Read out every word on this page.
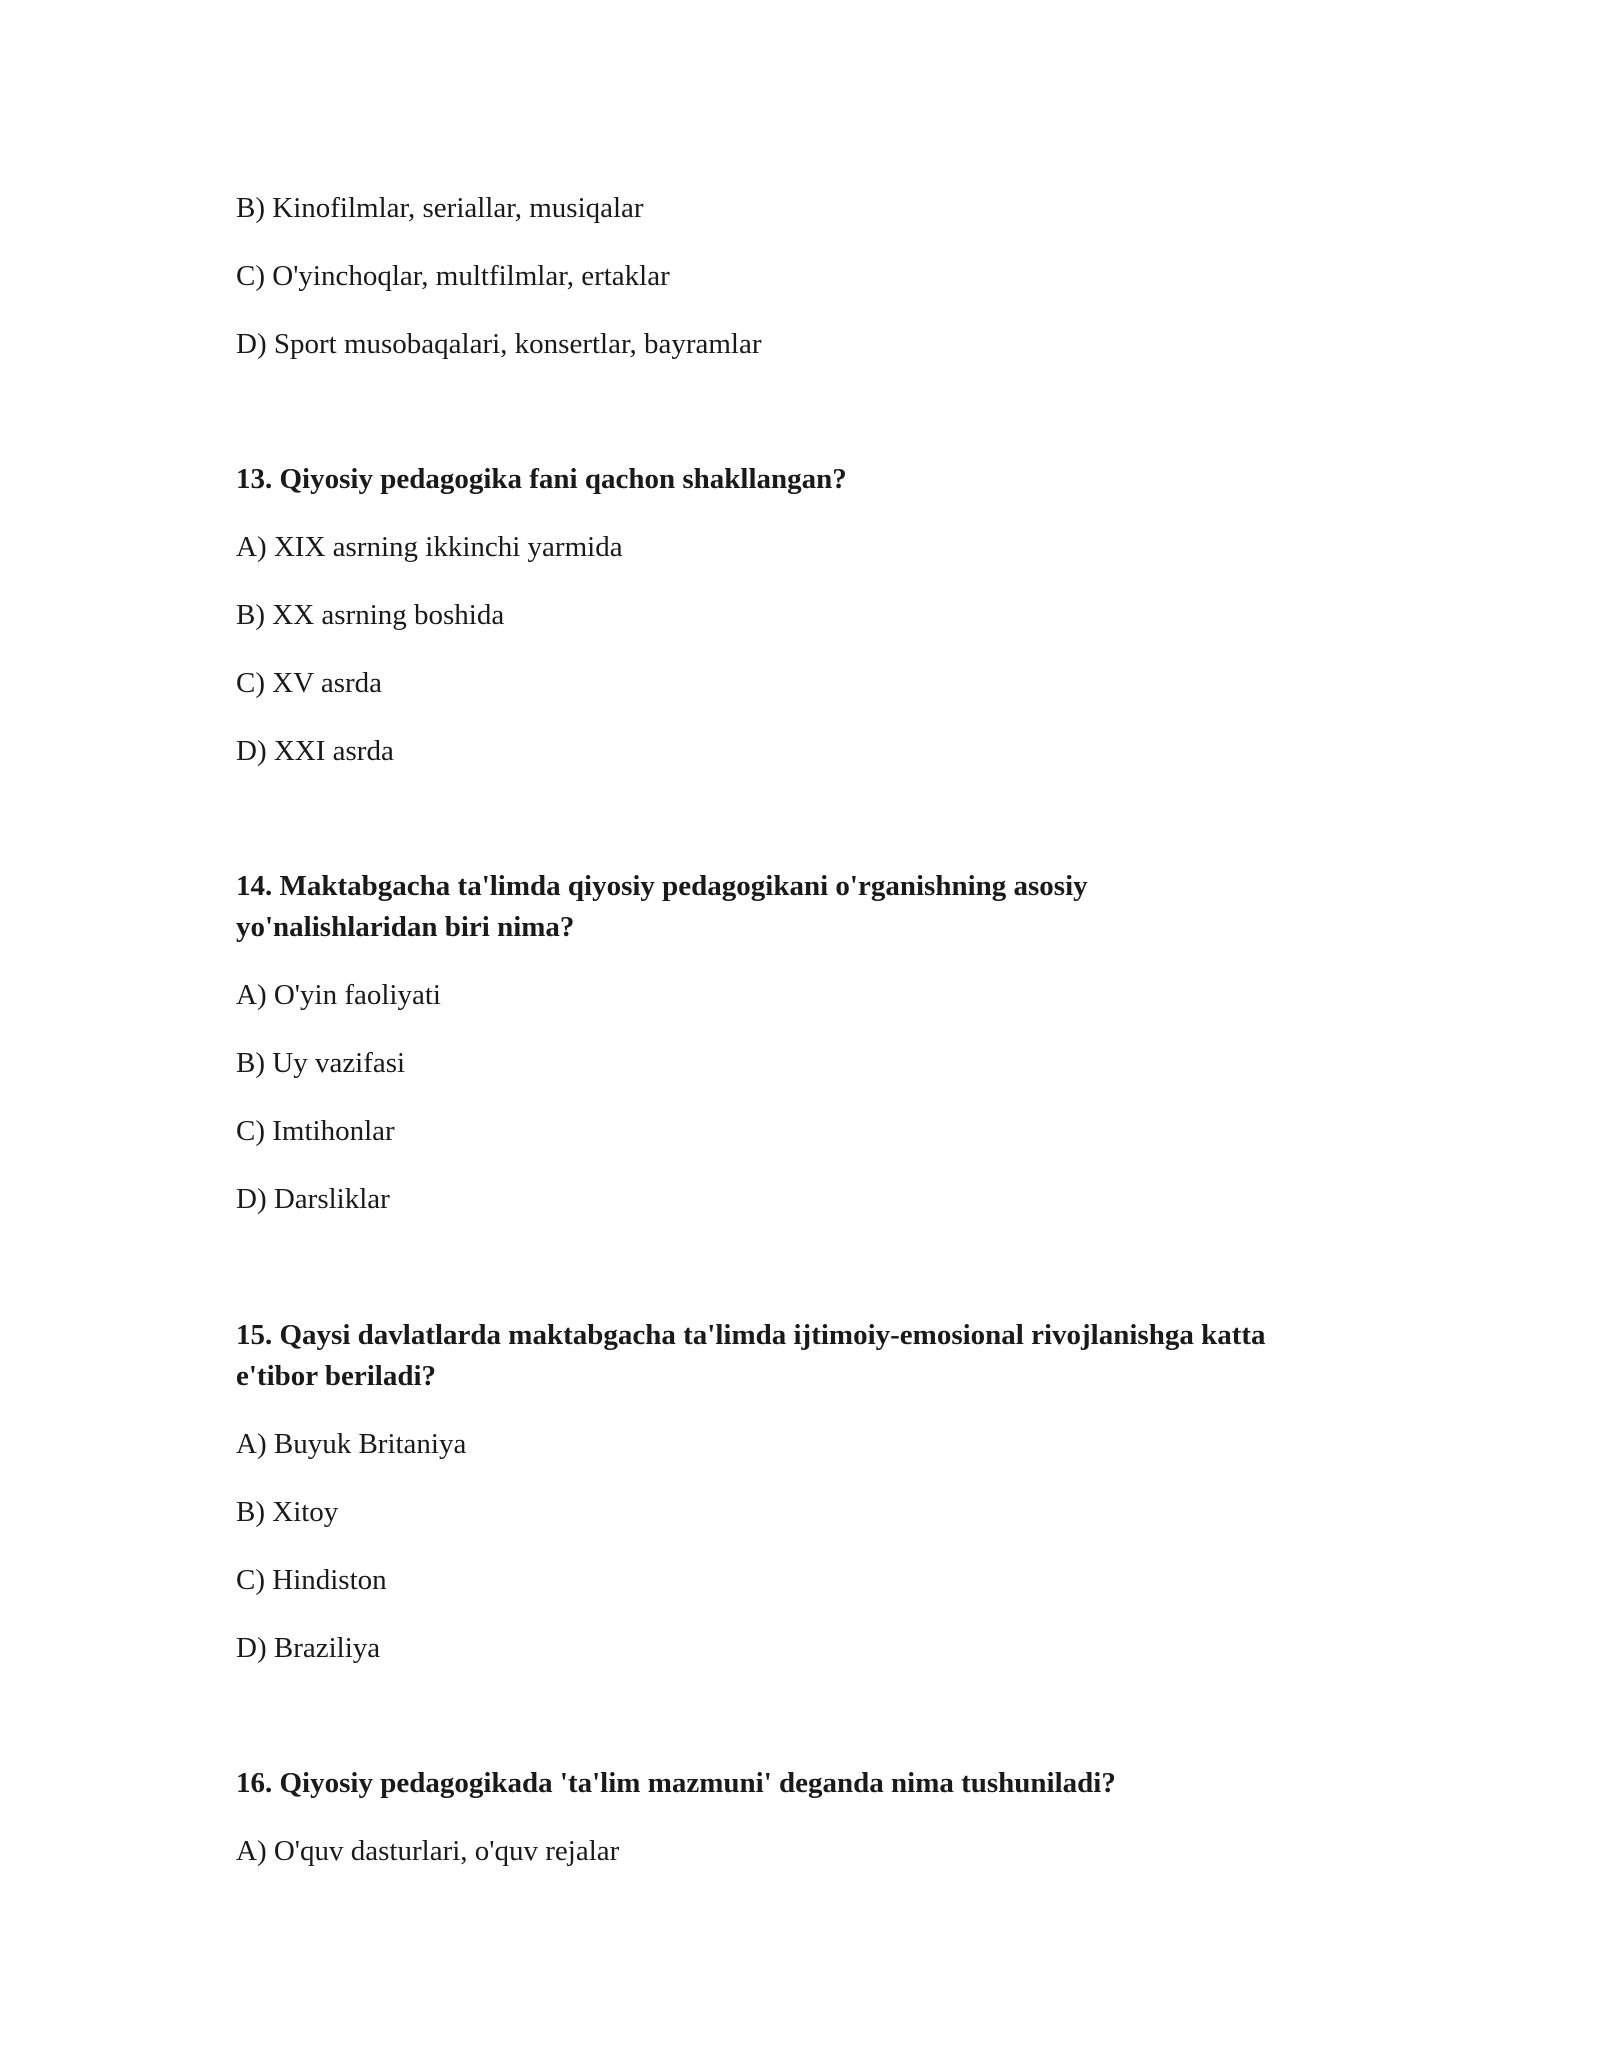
B) Kinofilmlar, seriallar, musiqalar
C) O'yinchoqlar, multfilmlar, ertaklar
D) Sport musobaqalari, konsertlar, bayramlar
13. Qiyosiy pedagogika fani qachon shakllangan?
A) XIX asrning ikkinchi yarmida
B) XX asrning boshida
C) XV asrda
D) XXI asrda
14. Maktabgacha ta'limda qiyosiy pedagogikani o'rganishning asosiy
yo'nalishlaridan biri nima?
A) O'yin faoliyati
B) Uy vazifasi
C) Imtihonlar
D) Darsliklar
15. Qaysi davlatlarda maktabgacha ta'limda ijtimoiy-emosional rivojlanishga katta
e'tibor beriladi?
A) Buyuk Britaniya
B) Xitoy
C) Hindiston
D) Braziliya
16. Qiyosiy pedagogikada 'ta'lim mazmuni' deganda nima tushuniladi?
A) O'quv dasturlari, o'quv rejalar
